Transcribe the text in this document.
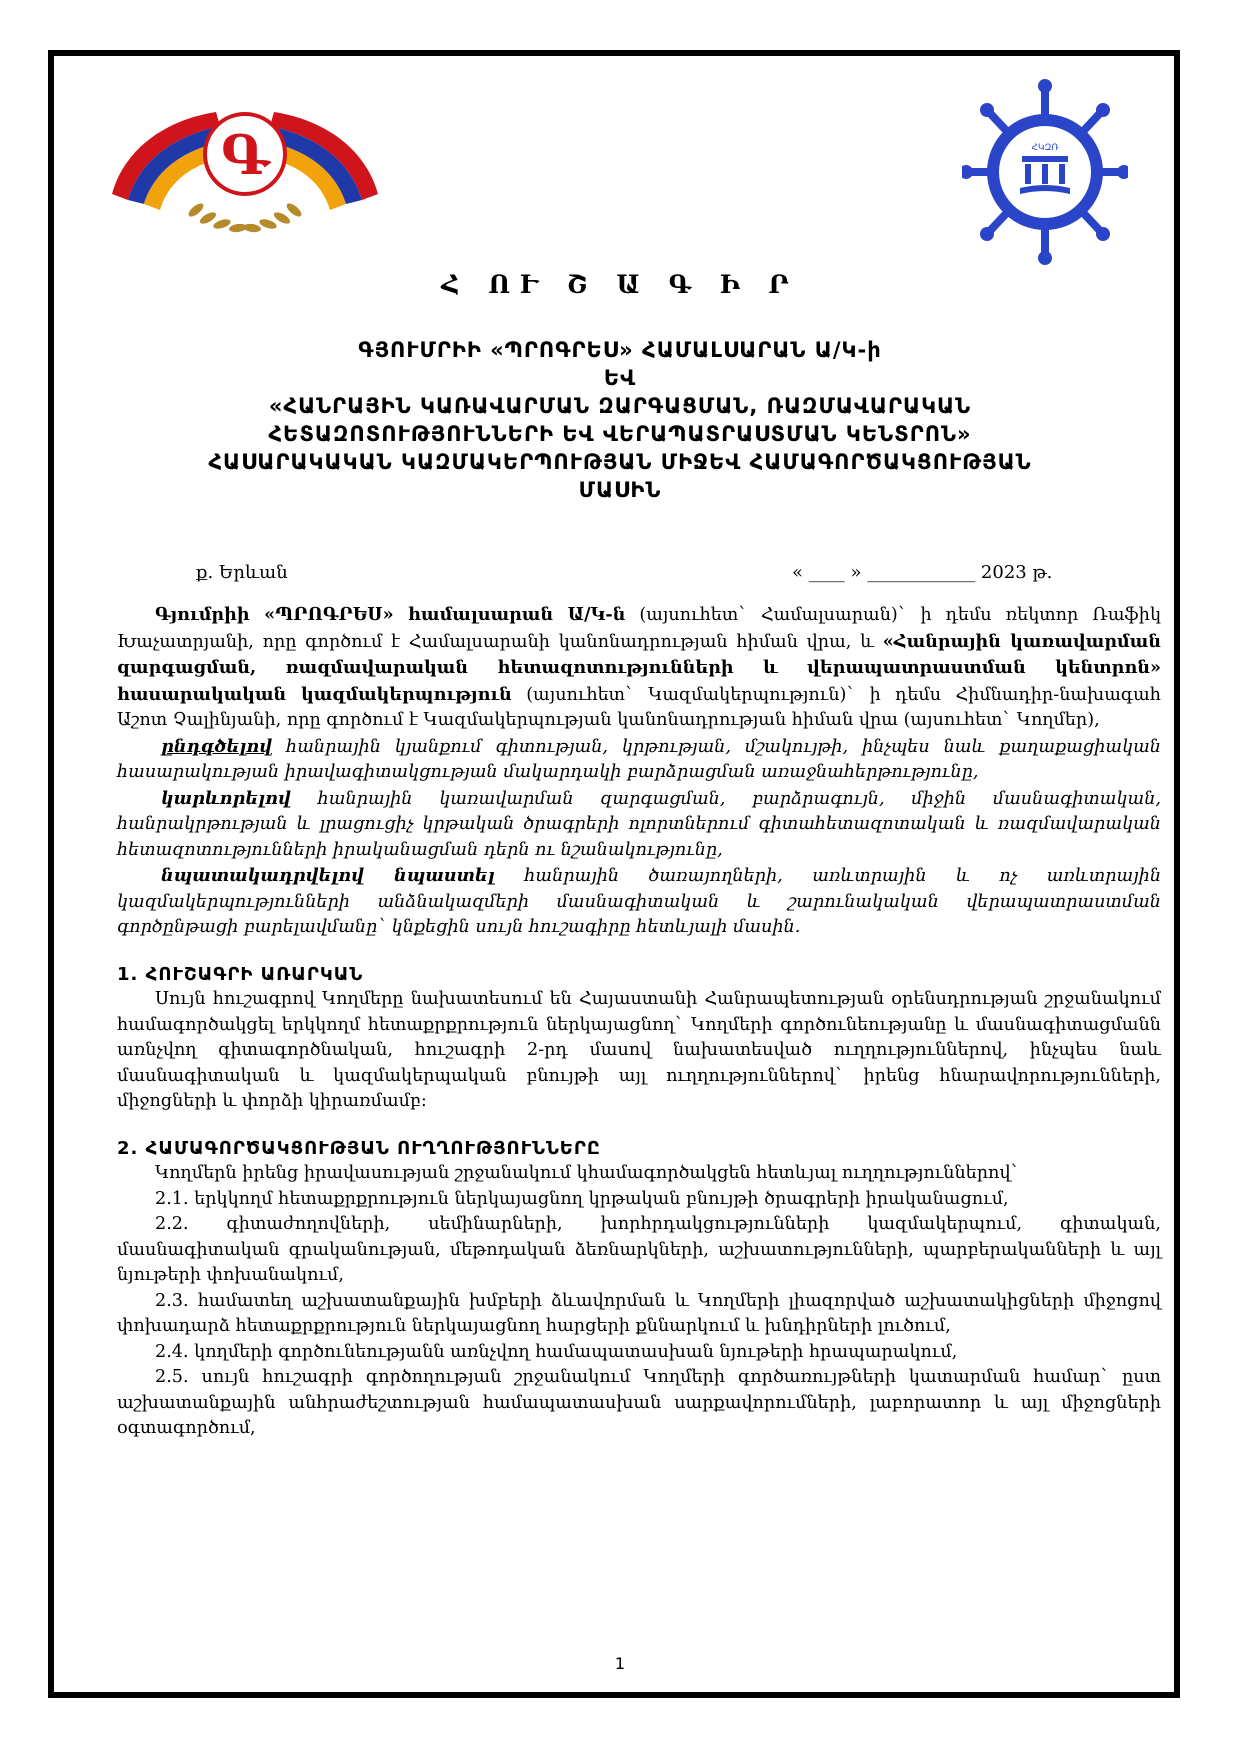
Գ	ՀԿԶՌ
Հ ՈՒ Շ Ա Գ Ի Ր
ԳՅՈՒՄՐԻԻ «ՊՐՈԳՐԵՍ» ՀԱՄԱԼՍԱՐԱՆ Ա/Կ-ի
ԵՎ
«ՀԱՆՐԱՅԻՆ ԿԱՌԱՎԱՐՄԱՆ ԶԱՐԳԱՑՄԱՆ, ՌԱԶՄԱՎԱՐԱԿԱՆ
ՀԵՏԱԶՈՏՈՒԹՅՈՒՆՆԵՐԻ ԵՎ ՎԵՐԱՊԱՏՐԱՍՏՄԱՆ ԿԵՆՏՐՈՆ»
ՀԱՍԱՐԱԿԱԿԱՆ ԿԱԶՄԱԿԵՐՊՈՒԹՅԱՆ ՄԻՋԵՎ ՀԱՄԱԳՈՐԾԱԿՑՈՒԹՅԱՆ
ՄԱՍԻՆ
ք. Երևան	« ____ » ____________ 2023 թ.

Գյումրիի «ՊՐՈԳՐԵՍ» համալսարան Ա/Կ-ն (այսուհետ` Համալսարան)` ի դեմս ռեկտոր Ռաֆիկ Խաչատրյանի, որը գործում է Համալսարանի կանոնադրության հիման վրա, և «Հանրային կառավարման զարգացման, ռազմավարական հետազոտությունների և վերապատրաստման կենտրոն» հասարակական կազմակերպություն (այսուհետ` Կազմակերպություն)` ի դեմս Հիմնադիր-նախագահ Աշոտ Չալինյանի, որը գործում է Կազմակերպության կանոնադրության հիման վրա (այսուհետ` Կողմեր),

ընդգծելով հանրային կյանքում գիտության, կրթության, մշակույթի, ինչպես նաև քաղաքացիական հասարակության իրավագիտակցության մակարդակի բարձրացման առաջնահերթությունը,

կարևորելով հանրային կառավարման զարգացման, բարձրագույն, միջին մասնագիտական, հանրակրթության և լրացուցիչ կրթական ծրագրերի ոլորտներում գիտահետազոտական և ռազմավարական հետազոտությունների իրականացման դերն ու նշանակությունը,

նպատակադրվելով նպաստել հանրային ծառայողների, առևտրային և ոչ առևտրային կազմակերպությունների անձնակազմերի մասնագիտական և շարունակական վերապատրաստման գործընթացի բարելավմանը` կնքեցին սույն հուշագիրը հետևյալի մասին.

1. ՀՈՒՇԱԳՐԻ ԱՌԱՐԿԱՆ

Սույն հուշագրով Կողմերը նախատեսում են Հայաստանի Հանրապետության օրենսդրության շրջանակում համագործակցել երկկողմ հետաքրքրություն ներկայացնող` Կողմերի գործունեությանը և մասնագիտացմանն առնչվող գիտագործնական, հուշագրի 2-րդ մասով նախատեսված ուղղություններով, ինչպես նաև մասնագիտական և կազմակերպական բնույթի այլ ուղղություններով` իրենց հնարավորությունների, միջոցների և փորձի կիրառմամբ:

2. ՀԱՄԱԳՈՐԾԱԿՑՈՒԹՅԱՆ ՈՒՂՂՈՒԹՅՈՒՆՆԵՐԸ

Կողմերն իրենց իրավասության շրջանակում կհամագործակցեն հետևյալ ուղղություններով`

2.1. երկկողմ հետաքրքրություն ներկայացնող կրթական բնույթի ծրագրերի իրականացում,

2.2. գիտաժողովների, սեմինարների, խորհրդակցությունների կազմակերպում, գիտական, մասնագիտական գրականության, մեթոդական ձեռնարկների, աշխատությունների, պարբերականների և այլ նյութերի փոխանակում,

2.3. համատեղ աշխատանքային խմբերի ձևավորման և Կողմերի լիազորված աշխատակիցների միջոցով փոխադարձ հետաքրքրություն ներկայացնող հարցերի քննարկում և խնդիրների լուծում,

2.4. կողմերի գործունեությանն առնչվող համապատասխան նյութերի հրապարակում,

2.5. սույն հուշագրի գործողության շրջանակում Կողմերի գործառույթների կատարման համար` ըստ աշխատանքային անհրաժեշտության համապատասխան սարքավորումների, լաբորատոր և այլ միջոցների օգտագործում,

1
